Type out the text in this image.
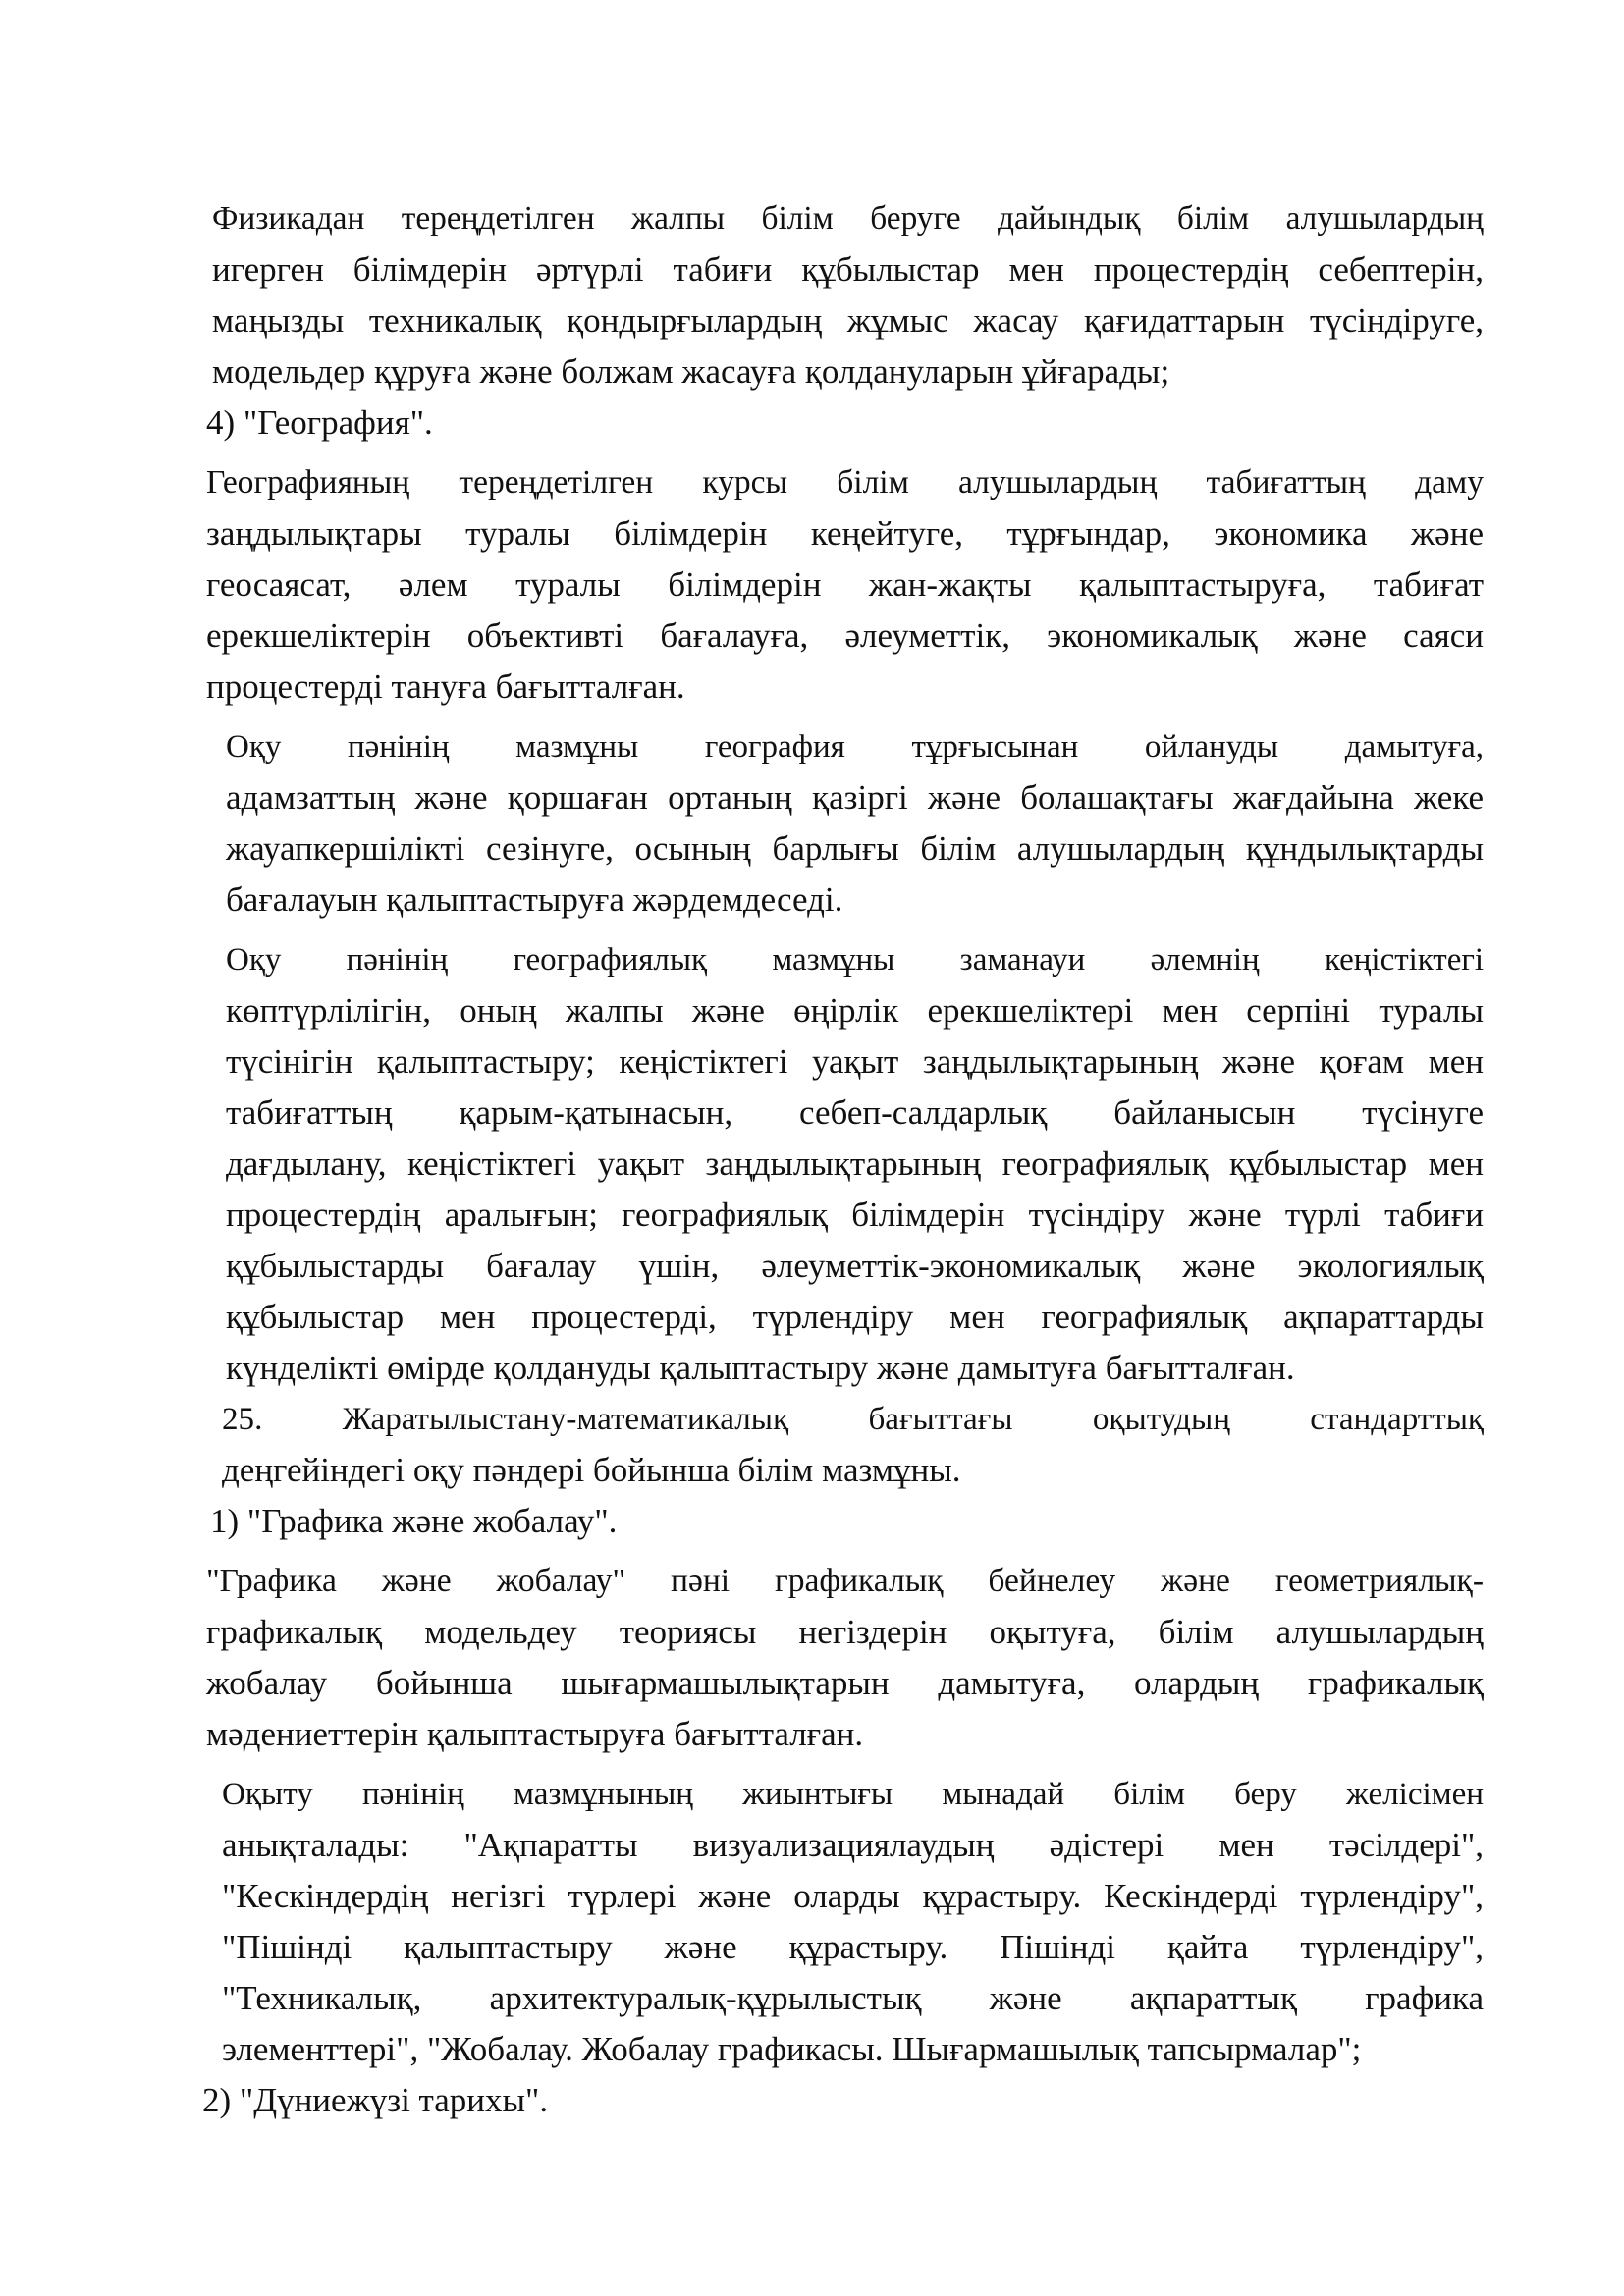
Физикадан тереңдетілген жалпы білім беруге дайындық білім алушылардың
игерген білімдерін әртүрлі табиғи құбылыстар мен процестердің себептерін,
маңызды техникалық қондырғылардың жұмыс жасау қағидаттарын түсіндіруге,
модельдер құруға және болжам жасауға қолдануларын ұйғарады;

4) "География".

Географияның тереңдетілген курсы білім алушылардың табиғаттың даму
заңдылықтары туралы білімдерін кеңейтуге, тұрғындар, экономика және
геосаясат, әлем туралы білімдерін жан-жақты қалыптастыруға, табиғат
ерекшеліктерін объективті бағалауға, әлеуметтік, экономикалық және саяси
процестерді тануға бағытталған.

Оқу пәнінің мазмұны география тұрғысынан ойлануды дамытуға,
адамзаттың және қоршаған ортаның қазіргі және болашақтағы жағдайына жеке
жауапкершілікті сезінуге, осының барлығы білім алушылардың құндылықтарды
бағалауын қалыптастыруға жәрдемдеседі.

Оқу пәнінің географиялық мазмұны заманауи әлемнің кеңістіктегі
көптүрлілігін, оның жалпы және өңірлік ерекшеліктері мен серпіні туралы
түсінігін қалыптастыру; кеңістіктегі уақыт заңдылықтарының және қоғам мен
табиғаттың қарым-қатынасын, себеп-салдарлық байланысын түсінуге
дағдылану, кеңістіктегі уақыт заңдылықтарының географиялық құбылыстар мен
процестердің аралығын; географиялық білімдерін түсіндіру және түрлі табиғи
құбылыстарды бағалау үшін, әлеуметтік-экономикалық және экологиялық
құбылыстар мен процестерді, түрлендіру мен географиялық ақпараттарды
күнделікті өмірде қолдануды қалыптастыру және дамытуға бағытталған.

25. Жаратылыстану-математикалық бағыттағы оқытудың стандарттық
деңгейіндегі оқу пәндері бойынша білім мазмұны.

1) "Графика және жобалау".

"Графика және жобалау" пәні графикалық бейнелеу және геометриялық-
графикалық модельдеу теориясы негіздерін оқытуға, білім алушылардың
жобалау бойынша шығармашылықтарын дамытуға, олардың графикалық
мәдениеттерін қалыптастыруға бағытталған.

Оқыту пәнінің мазмұнының жиынтығы мынадай білім беру желісімен
анықталады: "Ақпаратты визуализациялаудың әдістері мен тәсілдері",
"Кескіндердің негізгі түрлері және оларды құрастыру. Кескіндерді түрлендіру",
"Пішінді қалыптастыру және құрастыру. Пішінді қайта түрлендіру",
"Техникалық, архитектуралық-құрылыстық және ақпараттық графика
элементтері", "Жобалау. Жобалау графикасы. Шығармашылық тапсырмалар";

2) "Дүниежүзі тарихы".
